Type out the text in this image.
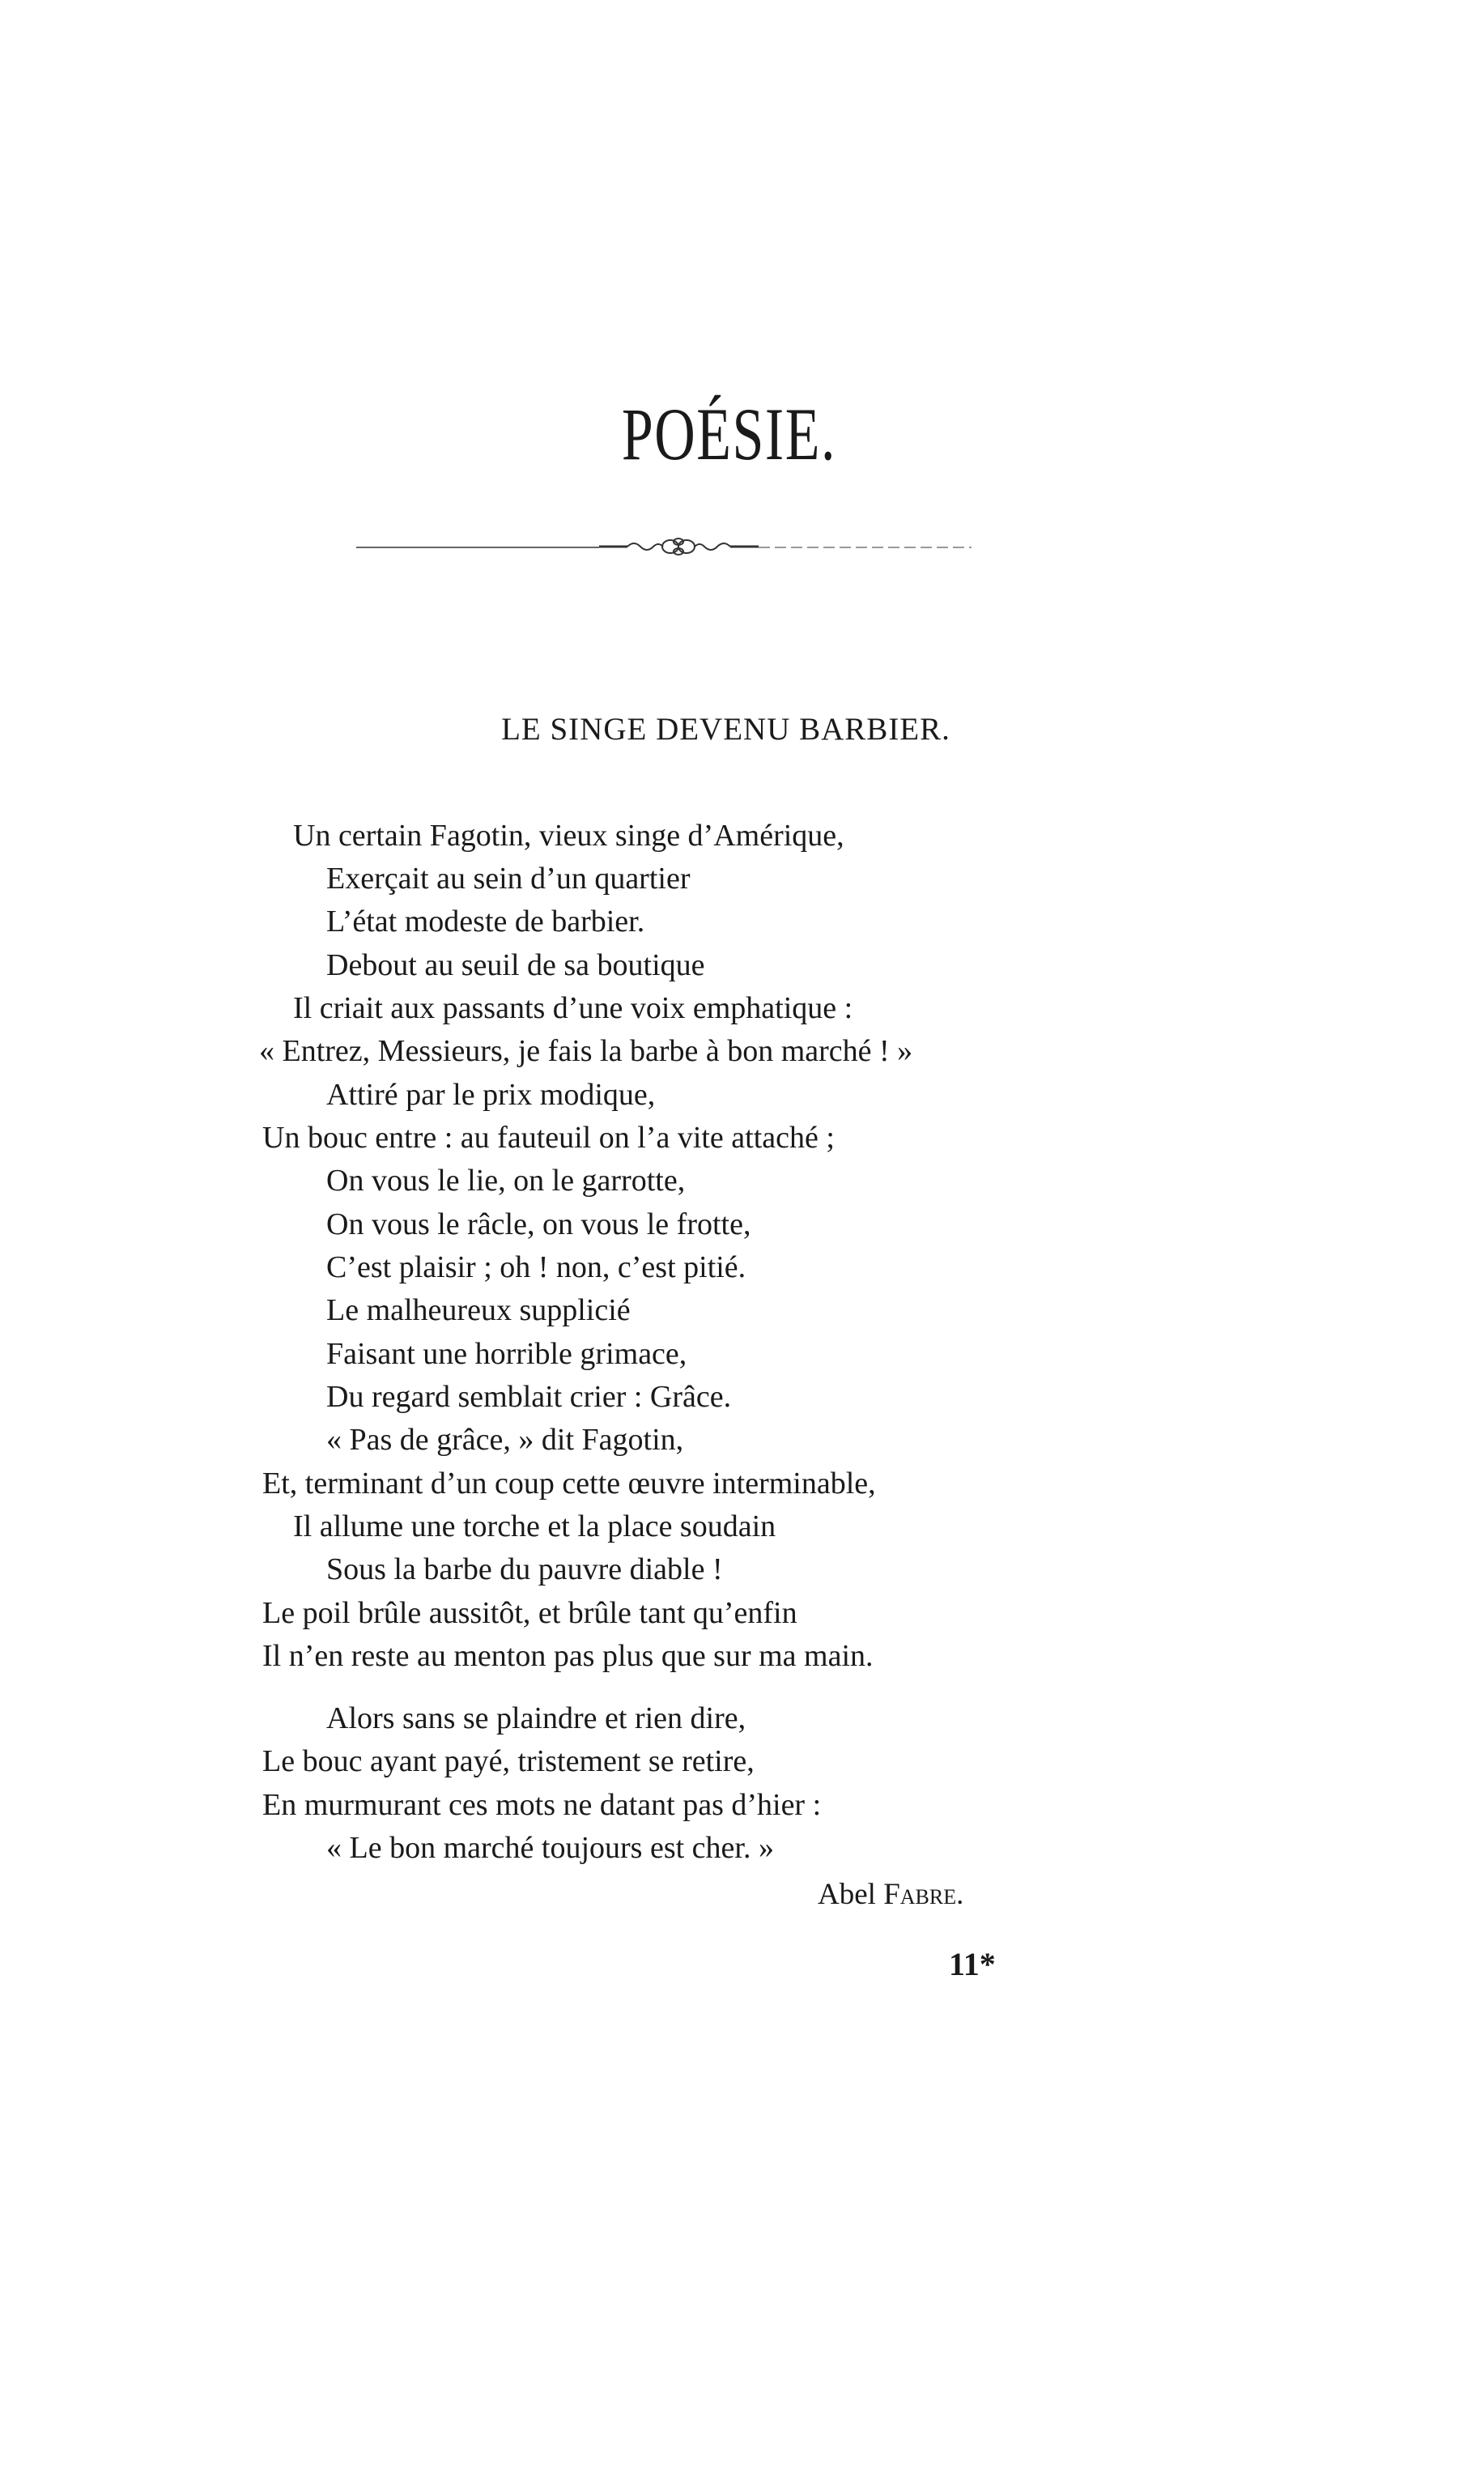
POÉSIE.
LE SINGE DEVENU BARBIER.
Un certain Fagotin, vieux singe d’Amérique,
Exerçait au sein d’un quartier
L’état modeste de barbier.
Debout au seuil de sa boutique
Il criait aux passants d’une voix emphatique :
« Entrez, Messieurs, je fais la barbe à bon marché ! »
Attiré par le prix modique,
Un bouc entre : au fauteuil on l’a vite attaché ;
On vous le lie, on le garrotte,
On vous le râcle, on vous le frotte,
C’est plaisir ; oh ! non, c’est pitié.
Le malheureux supplicié
Faisant une horrible grimace,
Du regard semblait crier : Grâce.
« Pas de grâce, » dit Fagotin,
Et, terminant d’un coup cette œuvre interminable,
Il allume une torche et la place soudain
Sous la barbe du pauvre diable !
Le poil brûle aussitôt, et brûle tant qu’enfin
Il n’en reste au menton pas plus que sur ma main.
Alors sans se plaindre et rien dire,
Le bouc ayant payé, tristement se retire,
En murmurant ces mots ne datant pas d’hier :
« Le bon marché toujours est cher. »
Abel Fabre.
11*
